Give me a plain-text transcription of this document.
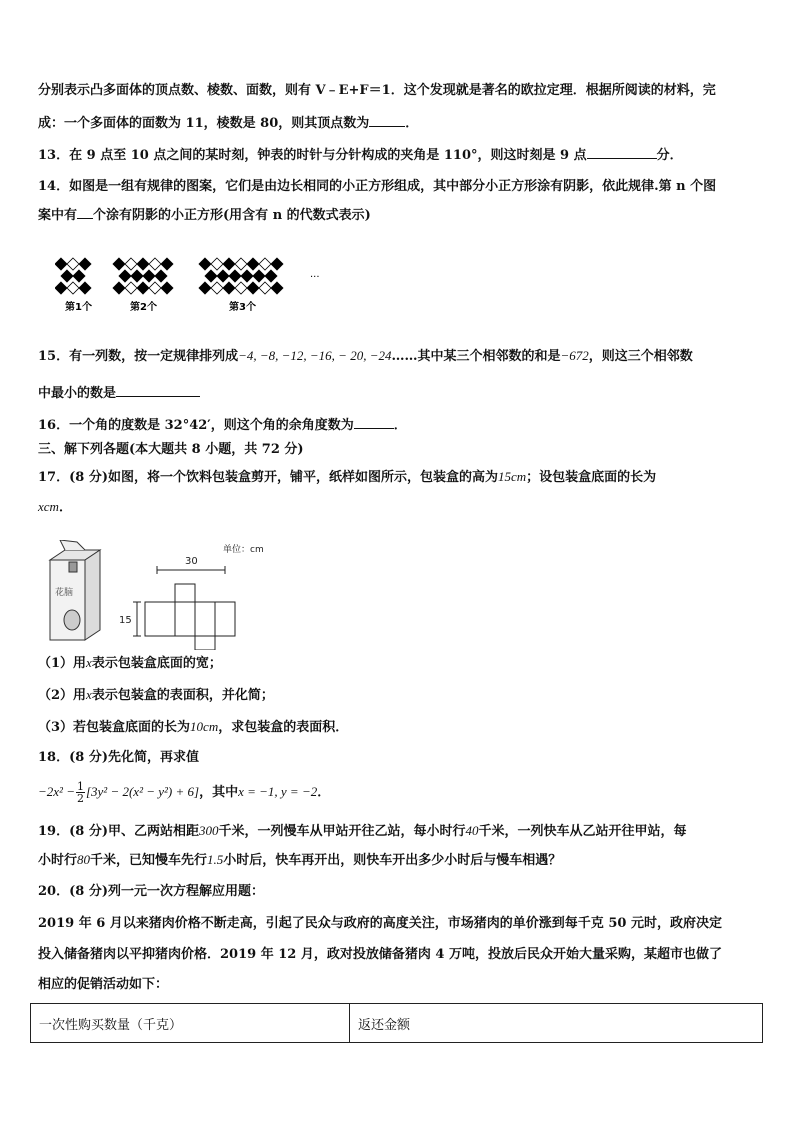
分别表示凸多面体的顶点数、棱数、面数，则有 V﹣E+F＝1．这个发现就是著名的欧拉定理．根据所阅读的材料，完
成：一个多面体的面数为 11，棱数是 80，则其顶点数为	．
13．在 9 点至 10 点之间的某时刻，钟表的时针与分针构成的夹角是 110°，则这时刻是 9 点	分．
14．如图是一组有规律的图案，它们是由边长相同的小正方形组成，其中部分小正方形涂有阴影，依此规律.第 n 个图
案中有 个涂有阴影的小正方形(用含有 n 的代数式表示)
第1个	第2个	第3个
···
15．有一列数，按一定规律排列成−4, −8, −12, −16, − 20, −24……其中某三个相邻数的和是−672，则这三个相邻数
中最小的数是
16．一个角的度数是 32°42′，则这个角的余角度数为	．
三、解下列各题(本大题共 8 小题，共 72 分)
17．(8 分)如图，将一个饮料包装盒剪开，铺平，纸样如图所示，包装盒的高为15cm；设包装盒底面的长为
xcm．
花脑
单位：cm
30
15
（1）用x表示包装盒底面的宽；
（2）用x表示包装盒的表面积，并化简；
（3）若包装盒底面的长为10cm，求包装盒的表面积．
18．(8 分)先化简，再求值
$-2x^2 - \frac{1}{2} [3y^2 - 2(x^2 - y^2) + 6]$，其中x = −1, y = −2．
19．(8 分)甲、乙两站相距300千米，一列慢车从甲站开往乙站，每小时行40千米，一列快车从乙站开往甲站，每
小时行80千米，已知慢车先行1.5小时后，快车再开出，则快车开出多少小时后与慢车相遇？
20．(8 分)列一元一次方程解应用题：
2019 年 6 月以来猪肉价格不断走高，引起了民众与政府的高度关注，市场猪肉的单价涨到每千克 50 元时，政府决定
投入储备猪肉以平抑猪肉价格．2019 年 12 月，政对投放储备猪肉 4 万吨，投放后民众开始大量采购，某超市也做了
相应的促销活动如下：
一次性购买数量（千克）	返还金额
